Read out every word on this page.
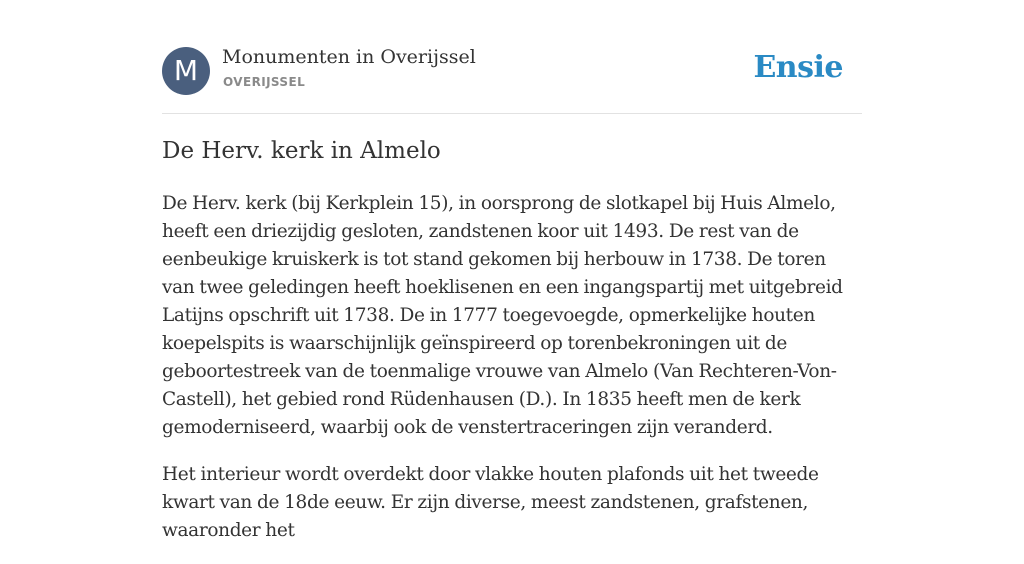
M	Monumenten in Overijssel
OVERIJSSEL	Ensie
De Herv. kerk in Almelo

De Herv. kerk (bij Kerkplein 15), in oorsprong de slotkapel bij Huis Almelo, heeft een driezijdig gesloten, zandstenen koor uit 1493. De rest van de eenbeukige kruiskerk is tot stand gekomen bij herbouw in 1738. De toren van twee geledingen heeft hoeklisenen en een ingangspartij met uitgebreid Latijns opschrift uit 1738. De in 1777 toegevoegde, opmerkelijke houten koepelspits is waarschijnlijk geïnspireerd op torenbekroningen uit de geboortestreek van de toenmalige vrouwe van Almelo (Van Rechteren-Von-Castell), het gebied rond Rüdenhausen (D.). In 1835 heeft men de kerk gemoderniseerd, waarbij ook de venstertraceringen zijn veranderd.

Het interieur wordt overdekt door vlakke houten plafonds uit het tweede kwart van de 18de eeuw. Er zijn diverse, meest zandstenen, grafstenen, waaronder het
